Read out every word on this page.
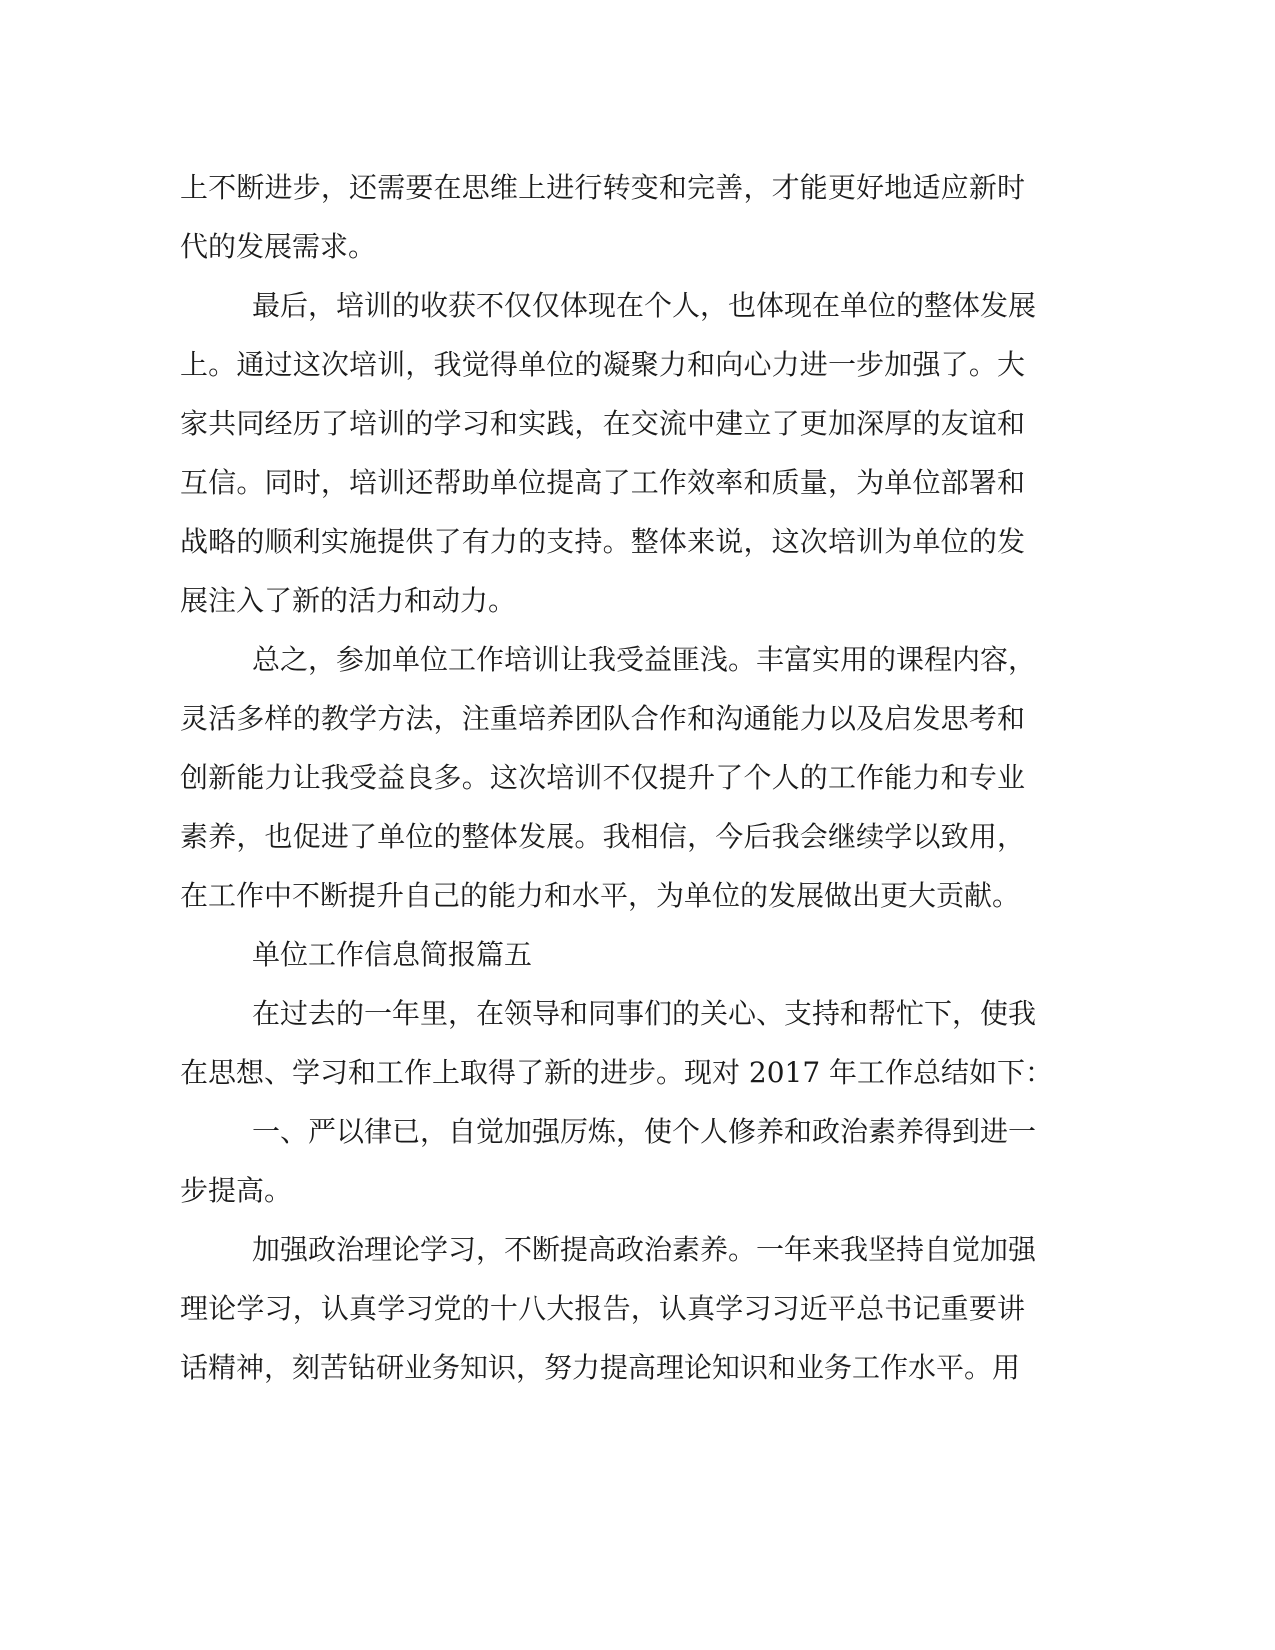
上不断进步，还需要在思维上进行转变和完善，才能更好地适应新时
代的发展需求。
最后，培训的收获不仅仅体现在个人，也体现在单位的整体发展
上。通过这次培训，我觉得单位的凝聚力和向心力进一步加强了。大
家共同经历了培训的学习和实践，在交流中建立了更加深厚的友谊和
互信。同时，培训还帮助单位提高了工作效率和质量，为单位部署和
战略的顺利实施提供了有力的支持。整体来说，这次培训为单位的发
展注入了新的活力和动力。
总之，参加单位工作培训让我受益匪浅。丰富实用的课程内容，
灵活多样的教学方法，注重培养团队合作和沟通能力以及启发思考和
创新能力让我受益良多。这次培训不仅提升了个人的工作能力和专业
素养，也促进了单位的整体发展。我相信，今后我会继续学以致用，
在工作中不断提升自己的能力和水平，为单位的发展做出更大贡献。
单位工作信息简报篇五
在过去的一年里，在领导和同事们的关心、支持和帮忙下，使我
在思想、学习和工作上取得了新的进步。现对 2017 年工作总结如下：
一、严以律已，自觉加强厉炼，使个人修养和政治素养得到进一
步提高。
加强政治理论学习，不断提高政治素养。一年来我坚持自觉加强
理论学习，认真学习党的十八大报告，认真学习习近平总书记重要讲
话精神，刻苦钻研业务知识，努力提高理论知识和业务工作水平。用
